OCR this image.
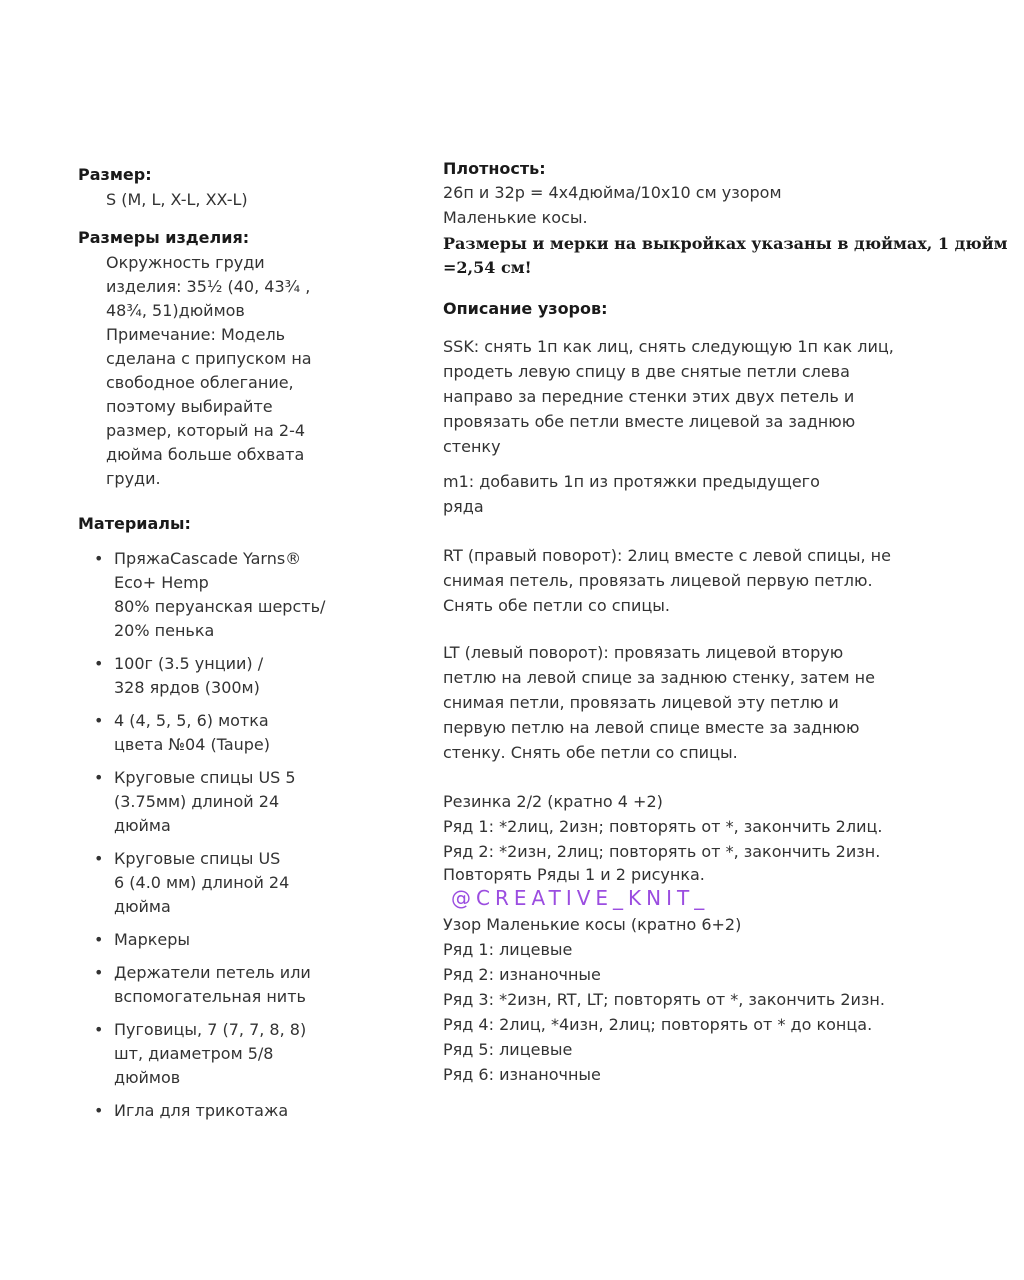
Размер:

S (M, L, X-L, XX-L)

Размеры изделия:

Окружность груди
изделия: 35½ (40, 43¾ ,
48¾, 51)дюймов
Примечание: Модель
сделана с припуском на
свободное облегание,
поэтому выбирайте
размер, который на 2-4
дюйма больше обхвата
груди.

Материалы:

• ПряжаCascade Yarns®
Eco+ Hemp
80% перуанская шерсть/
20% пенька
• 100г (3.5 унции) /
328 ярдов (300м)
• 4 (4, 5, 5, 6) мотка
цвета №04 (Taupe)
• Круговые спицы US 5
(3.75мм) длиной 24
дюйма
• Круговые спицы US
6 (4.0 мм) длиной 24
дюйма
• Маркеры
• Держатели петель или
вспомогательная нить
• Пуговицы, 7 (7, 7, 8, 8)
шт, диаметром 5/8
дюймов
• Игла для трикотажа

Плотность:

26п и 32р = 4х4дюйма/10x10 см узором

Маленькие косы.

Размеры и мерки на выкройках указаны в дюймах, 1 дюйм =2,54 см!

Описание узоров:

SSK: снять 1п как лиц, снять следующую 1п как лиц,
продеть левую спицу в две снятые петли слева
направо за передние стенки этих двух петель и
провязать обе петли вместе лицевой за заднюю
стенку

m1: добавить 1п из протяжки предыдущего
ряда

RT (правый поворот): 2лиц вместе с левой спицы, не
снимая петель, провязать лицевой первую петлю.
Снять обе петли со спицы.

LT (левый поворот): провязать лицевой вторую
петлю на левой спице за заднюю стенку, затем не
снимая петли, провязать лицевой эту петлю и
первую петлю на левой спице вместе за заднюю
стенку. Снять обе петли со спицы.

Резинка 2/2 (кратно 4 +2)

Ряд 1: *2лиц, 2изн; повторять от *, закончить 2лиц.

Ряд 2: *2изн, 2лиц; повторять от *, закончить 2изн.

Повторять Ряды 1 и 2 рисунка.

@CREATIVE_KNIT_

Узор Маленькие косы (кратно 6+2)

Ряд 1: лицевые

Ряд 2: изнаночные

Ряд 3: *2изн, RT, LT; повторять от *, закончить 2изн.

Ряд 4: 2лиц, *4изн, 2лиц; повторять от * до конца.

Ряд 5: лицевые

Ряд 6: изнаночные
